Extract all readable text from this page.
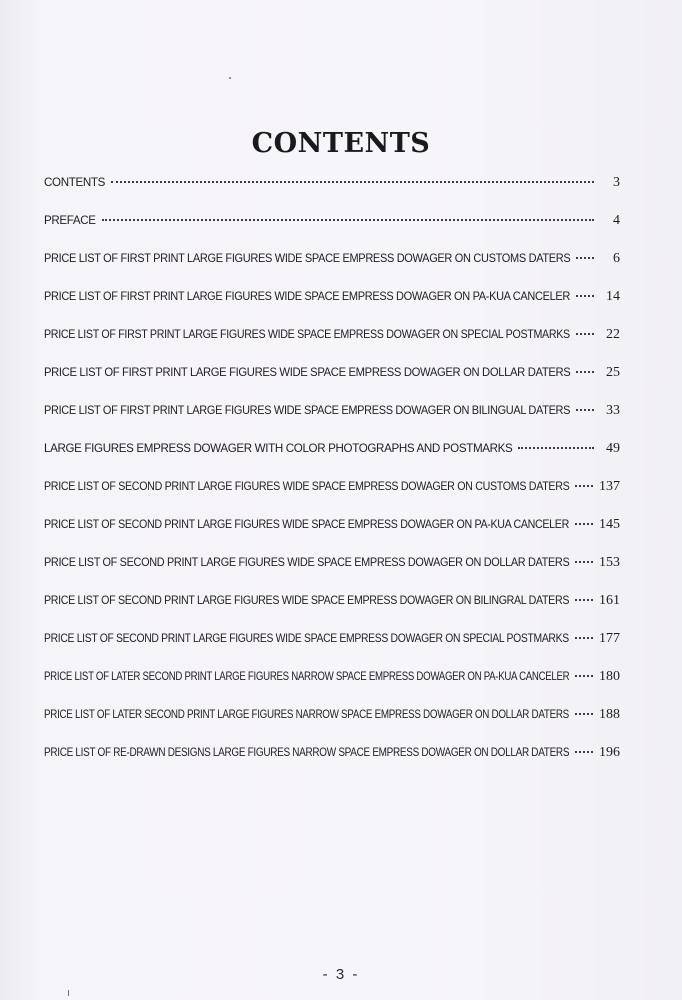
CONTENTS
CONTENTS	3
PREFACE	4
PRICE LIST OF FIRST PRINT LARGE FIGURES WIDE SPACE EMPRESS DOWAGER ON CUSTOMS DATERS	6
PRICE LIST OF FIRST PRINT LARGE FIGURES WIDE SPACE EMPRESS DOWAGER ON PA-KUA CANCELER	14
PRICE LIST OF FIRST PRINT LARGE FIGURES WIDE SPACE EMPRESS DOWAGER ON SPECIAL POSTMARKS	22
PRICE LIST OF FIRST PRINT LARGE FIGURES WIDE SPACE EMPRESS DOWAGER ON DOLLAR DATERS	25
PRICE LIST OF FIRST PRINT LARGE FIGURES WIDE SPACE EMPRESS DOWAGER ON BILINGUAL DATERS	33
LARGE FIGURES EMPRESS DOWAGER WITH COLOR PHOTOGRAPHS AND POSTMARKS	49
PRICE LIST OF SECOND PRINT LARGE FIGURES WIDE SPACE EMPRESS DOWAGER ON CUSTOMS DATERS 137
PRICE LIST OF SECOND PRINT LARGE FIGURES WIDE SPACE EMPRESS DOWAGER ON PA-KUA CANCELER 145
PRICE LIST OF SECOND PRINT LARGE FIGURES WIDE SPACE EMPRESS DOWAGER ON DOLLAR DATERS 153
PRICE LIST OF SECOND PRINT LARGE FIGURES WIDE SPACE EMPRESS DOWAGER ON BILINGRAL DATERS 161
PRICE LIST OF SECOND PRINT LARGE FIGURES WIDE SPACE EMPRESS DOWAGER ON SPECIAL POSTMARKS 177
PRICE LIST OF LATER SECOND PRINT LARGE FIGURES NARROW SPACE EMPRESS DOWAGER ON PA-KUA CANCELER 180
PRICE LIST OF LATER SECOND PRINT LARGE FIGURES NARROW SPACE EMPRESS DOWAGER ON DOLLAR DATERS 188
PRICE LIST OF RE-DRAWN DESIGNS LARGE FIGURES NARROW SPACE EMPRESS DOWAGER ON DOLLAR DATERS 196
- 3 -
